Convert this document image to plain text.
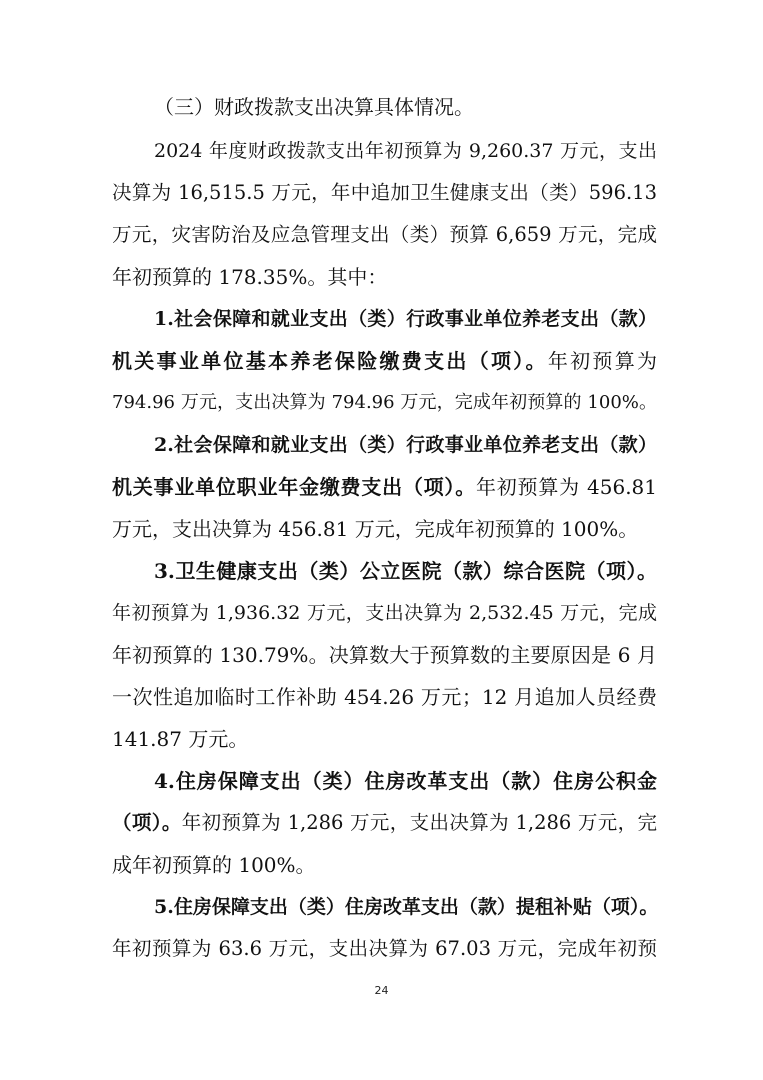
（三）财政拨款支出决算具体情况。
2024 年度财政拨款支出年初预算为 9,260.37 万元，支出
决算为 16,515.5 万元，年中追加卫生健康支出（类）596.13
万元，灾害防治及应急管理支出（类）预算 6,659 万元，完成
年初预算的 178.35%。其中：
1.社会保障和就业支出（类）行政事业单位养老支出（款）
机关事业单位基本养老保险缴费支出（项）。年初预算为
794.96 万元，支出决算为 794.96 万元，完成年初预算的 100%。
2.社会保障和就业支出（类）行政事业单位养老支出（款）
机关事业单位职业年金缴费支出（项）。年初预算为 456.81
万元，支出决算为 456.81 万元，完成年初预算的 100%。
3.卫生健康支出（类）公立医院（款）综合医院（项）。
年初预算为 1,936.32 万元，支出决算为 2,532.45 万元，完成
年初预算的 130.79%。决算数大于预算数的主要原因是 6 月
一次性追加临时工作补助 454.26 万元；12 月追加人员经费
141.87 万元。
4.住房保障支出（类）住房改革支出（款）住房公积金
（项）。年初预算为 1,286 万元，支出决算为 1,286 万元，完
成年初预算的 100%。
5.住房保障支出（类）住房改革支出（款）提租补贴（项）。
年初预算为 63.6 万元，支出决算为 67.03 万元，完成年初预
24
